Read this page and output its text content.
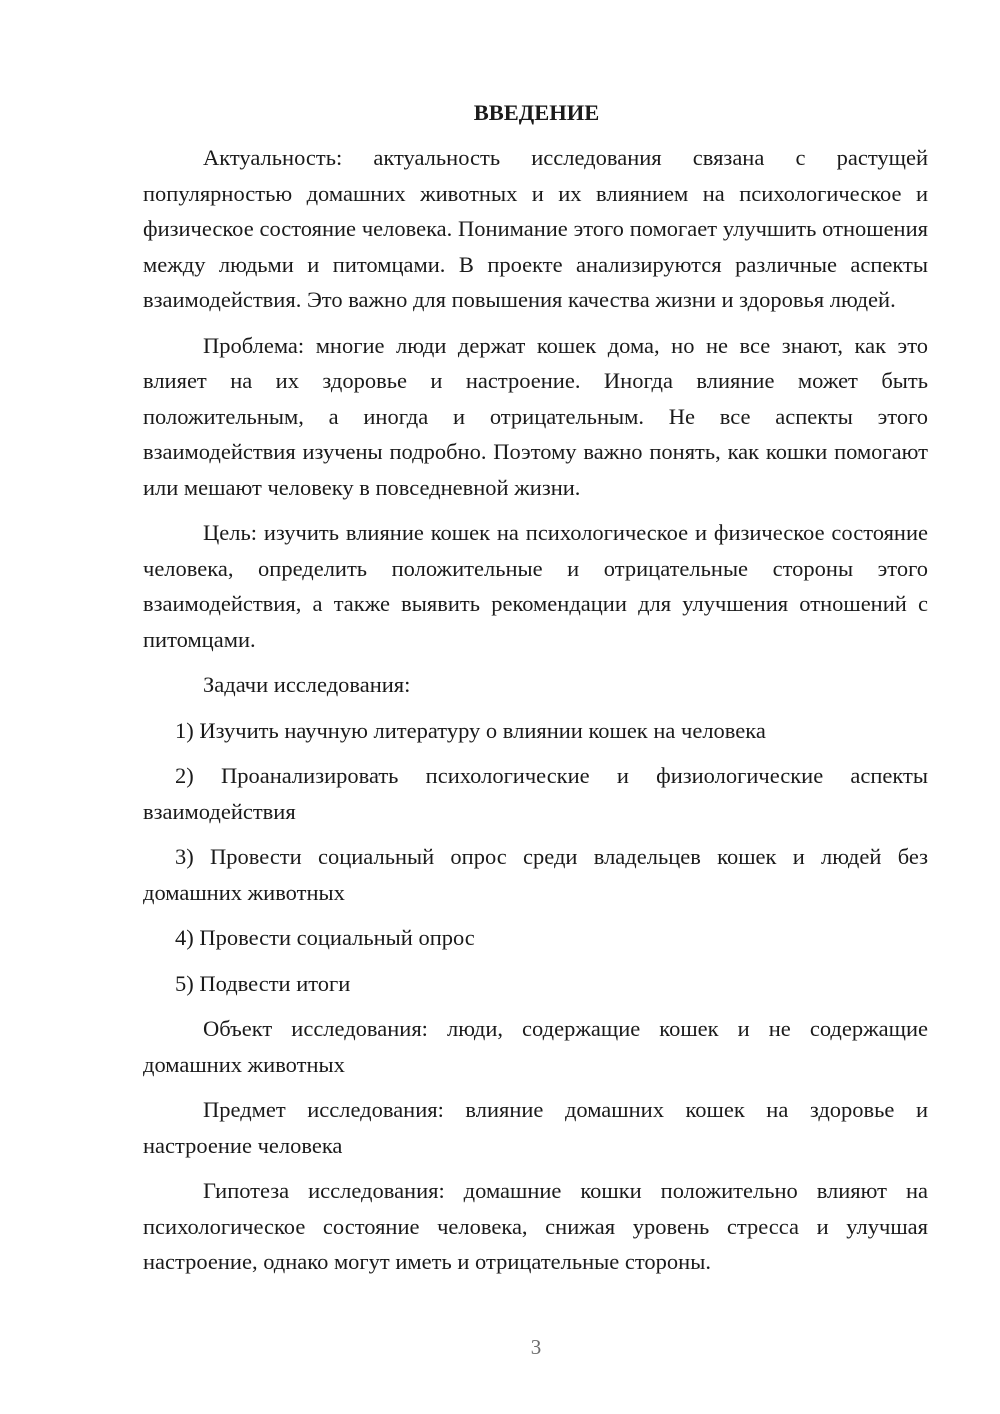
ВВЕДЕНИЕ

Актуальность: актуальность исследования связана с растущей популярностью домашних животных и их влиянием на психологическое и физическое состояние человека. Понимание этого помогает улучшить отношения между людьми и питомцами. В проекте анализируются различные аспекты взаимодействия. Это важно для повышения качества жизни и здоровья людей.

Проблема: многие люди держат кошек дома, но не все знают, как это влияет на их здоровье и настроение. Иногда влияние может быть положительным, а иногда и отрицательным. Не все аспекты этого взаимодействия изучены подробно. Поэтому важно понять, как кошки помогают или мешают человеку в повседневной жизни.

Цель: изучить влияние кошек на психологическое и физическое состояние человека, определить положительные и отрицательные стороны этого взаимодействия, а также выявить рекомендации для улучшения отношений с питомцами.

Задачи исследования:

1) Изучить научную литературу о влиянии кошек на человека

2) Проанализировать психологические и физиологические аспекты взаимодействия

3) Провести социальный опрос среди владельцев кошек и людей без домашних животных

4) Провести социальный опрос

5) Подвести итоги

Объект исследования: люди, содержащие кошек и не содержащие домашних животных

Предмет исследования: влияние домашних кошек на здоровье и настроение человека

Гипотеза исследования: домашние кошки положительно влияют на психологическое состояние человека, снижая уровень стресса и улучшая настроение, однако могут иметь и отрицательные стороны.

3
